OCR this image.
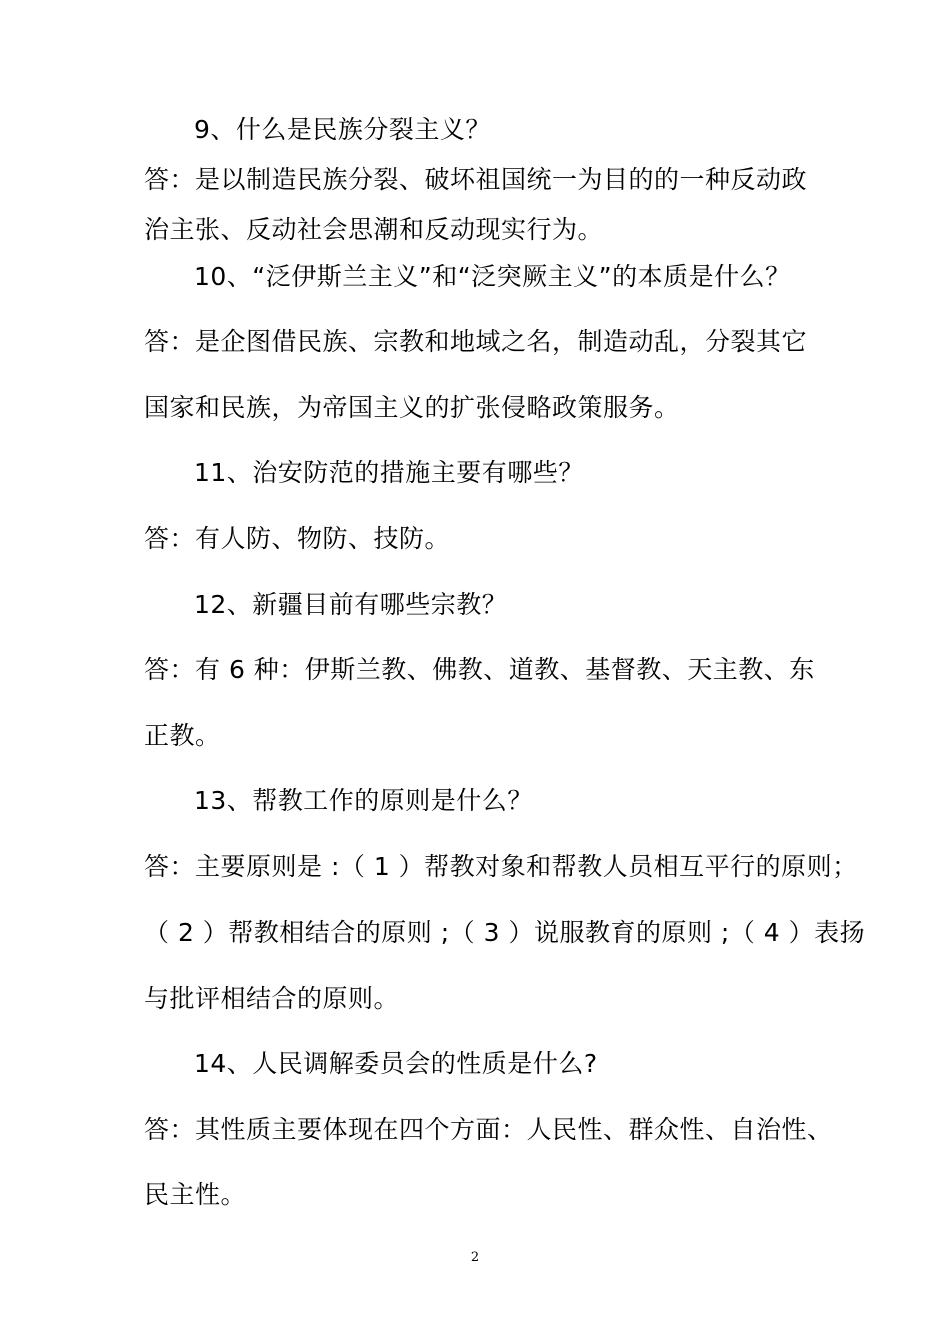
9、什么是民族分裂主义？
答：是以制造民族分裂、破坏祖国统一为目的的一种反动政
治主张、反动社会思潮和反动现实行为。
10、“泛伊斯兰主义”和“泛突厥主义”的本质是什么？
答：是企图借民族、宗教和地域之名，制造动乱，分裂其它
国家和民族，为帝国主义的扩张侵略政策服务。
11、治安防范的措施主要有哪些？
答：有人防、物防、技防。
12、新疆目前有哪些宗教？
答：有 6 种：伊斯兰教、佛教、道教、基督教、天主教、东
正教。
13、帮教工作的原则是什么？
答：主要原则是 :（ 1 ）帮教对象和帮教人员相互平行的原则；
（ 2 ）帮教相结合的原则 ;（ 3 ）说服教育的原则 ;（ 4 ）表扬
与批评相结合的原则。
14、人民调解委员会的性质是什么?
答：其性质主要体现在四个方面：人民性、群众性、自治性、
民主性。
2
